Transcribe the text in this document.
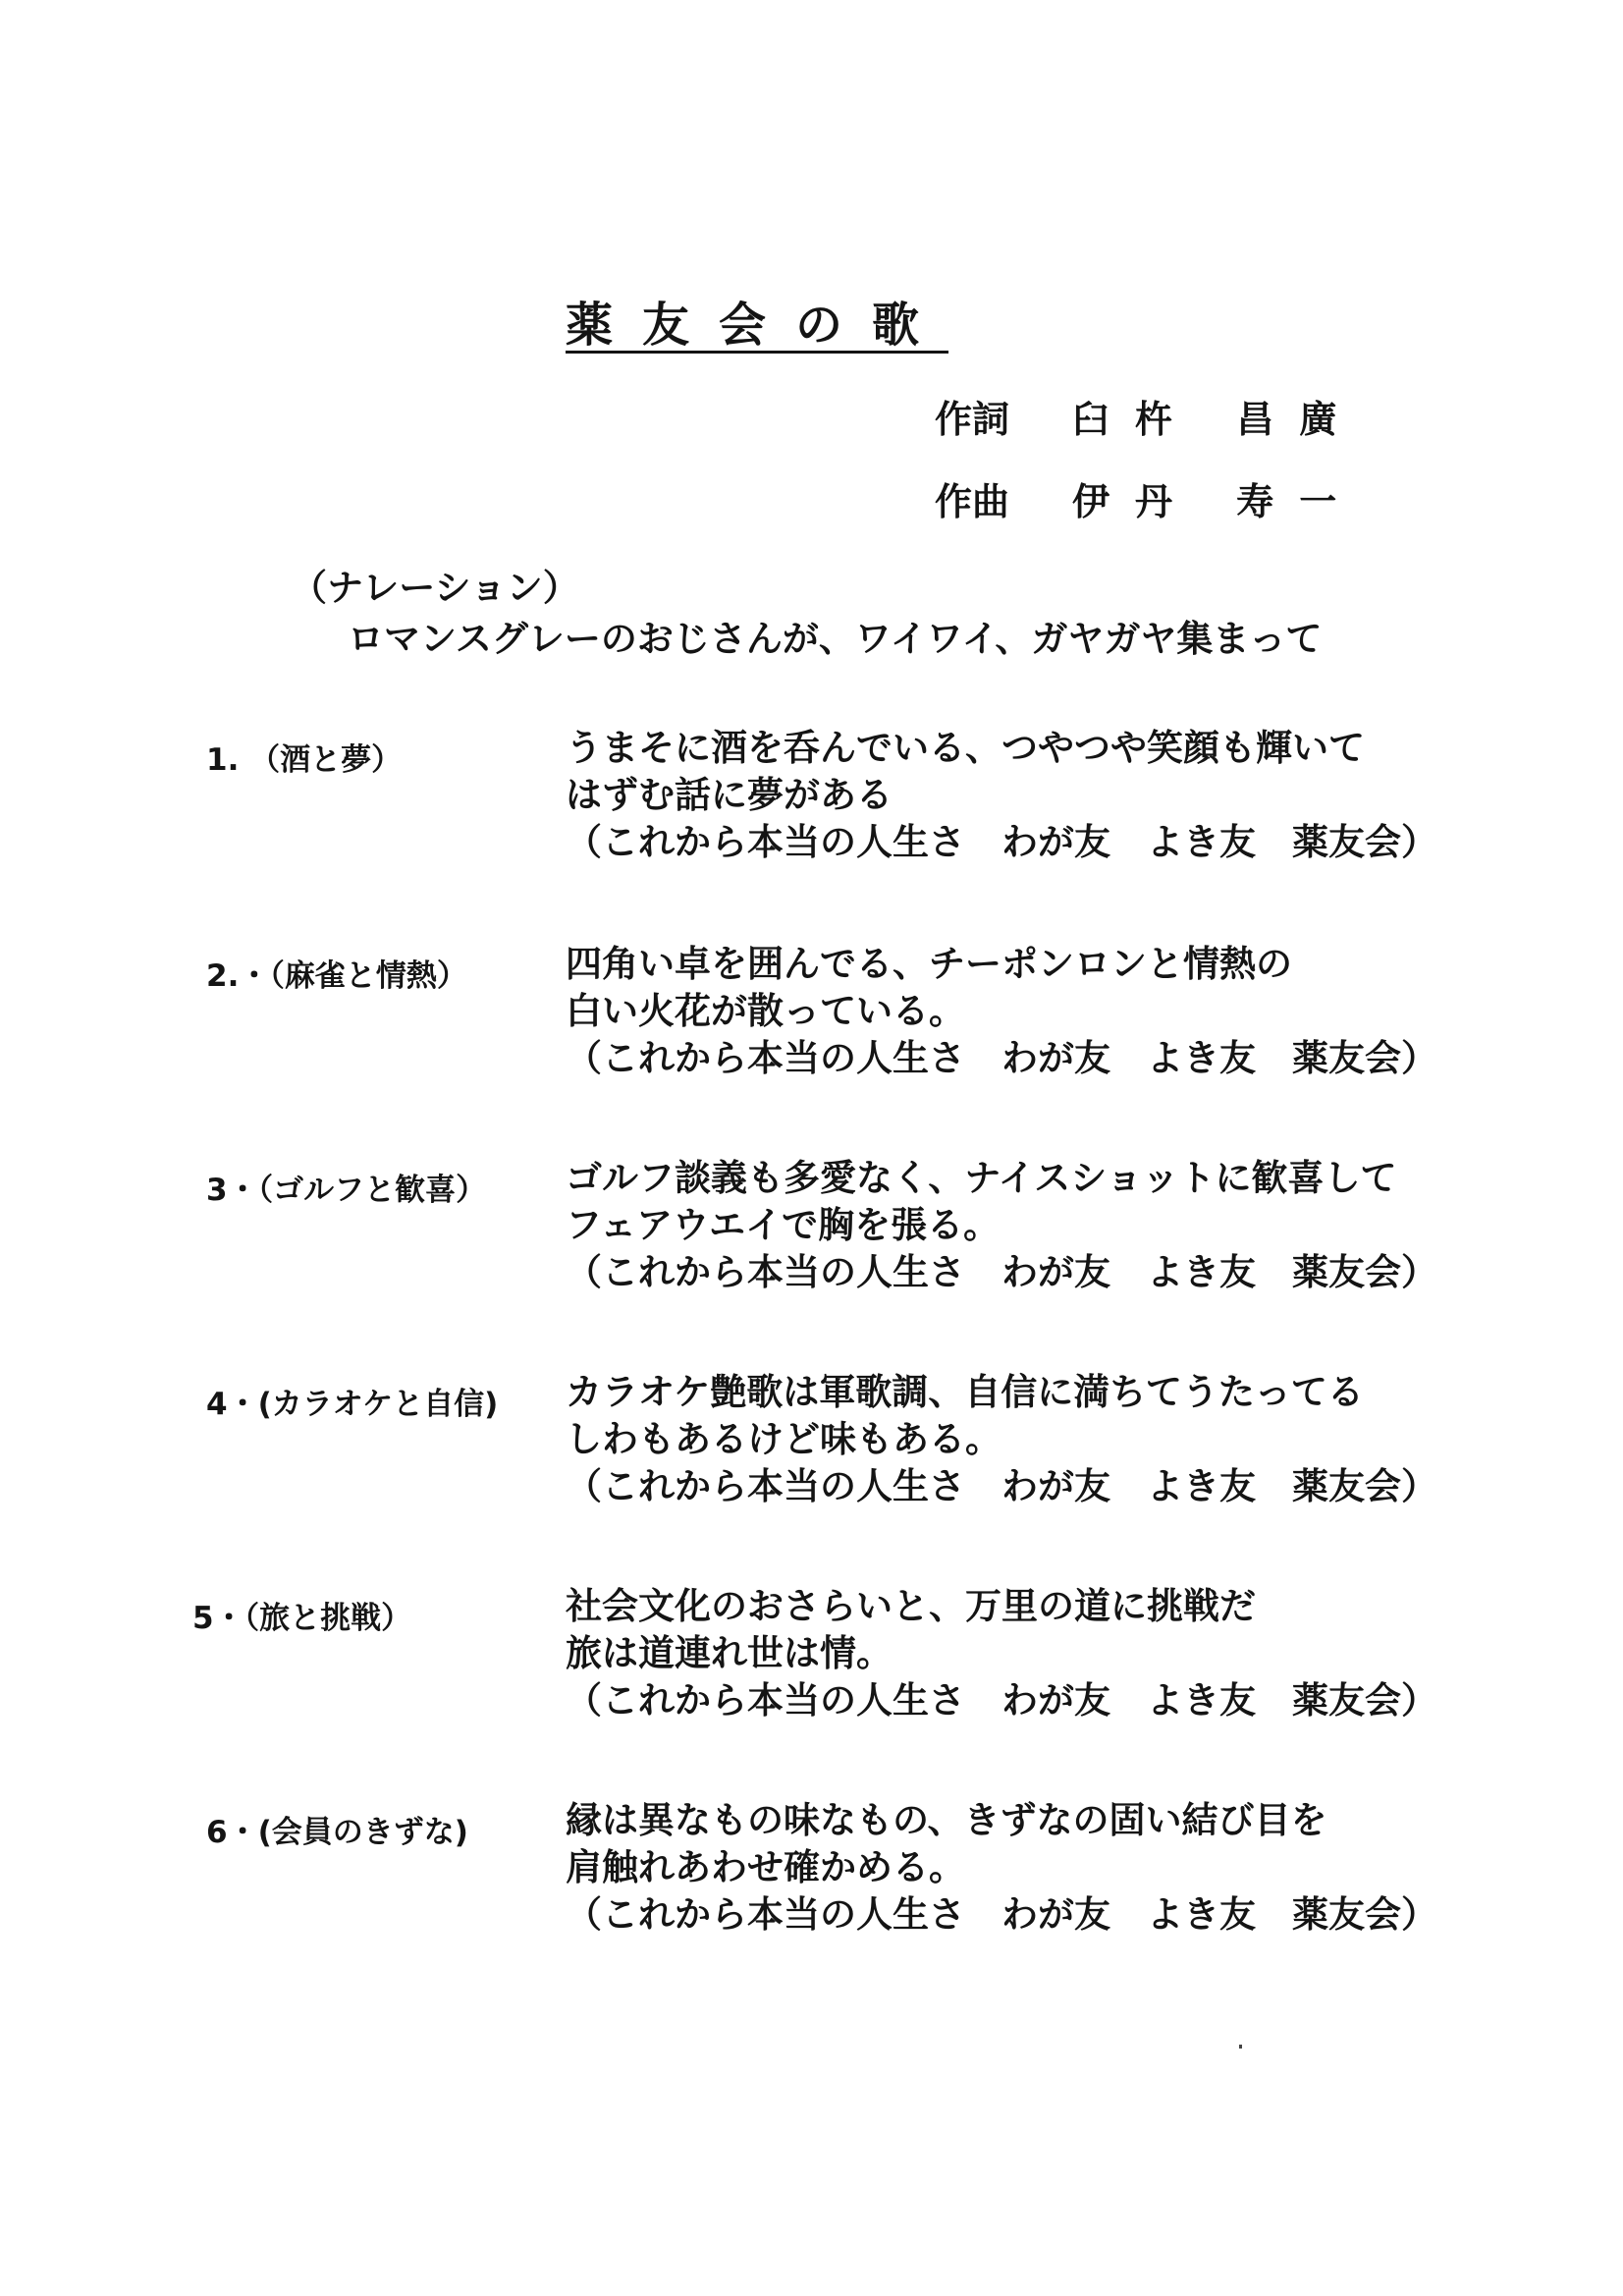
薬友会の歌
作詞 臼杵 昌廣
作曲 伊丹 寿一
（ナレーション）
ロマンスグレーのおじさんが、ワイワイ、ガヤガヤ集まって
1. （酒と夢）	うまそに酒を呑んでいる、つやつや笑顔も輝いて
はずむ話に夢がある
（これから本当の人生さ　わが友　よき友　薬友会）
2.・（麻雀と情熱）	四角い卓を囲んでる、チーポンロンと情熱の
白い火花が散っている。
（これから本当の人生さ　わが友　よき友　薬友会）
3・（ゴルフと歓喜） ゴルフ談義も多愛なく、ナイスショットに歓喜して
フェアウエイで胸を張る。
（これから本当の人生さ　わが友　よき友　薬友会）
4・(カラオケと自信) カラオケ艶歌は軍歌調、自信に満ちてうたってる
しわもあるけど味もある。
（これから本当の人生さ　わが友　よき友　薬友会）
5・（旅と挑戦）	社会文化のおさらいと、万里の道に挑戦だ
旅は道連れ世は情。
（これから本当の人生さ　わが友　よき友　薬友会）
6・(会員のきずな)	縁は異なもの味なもの、きずなの固い結び目を
肩触れあわせ確かめる。
（これから本当の人生さ　わが友　よき友　薬友会）
